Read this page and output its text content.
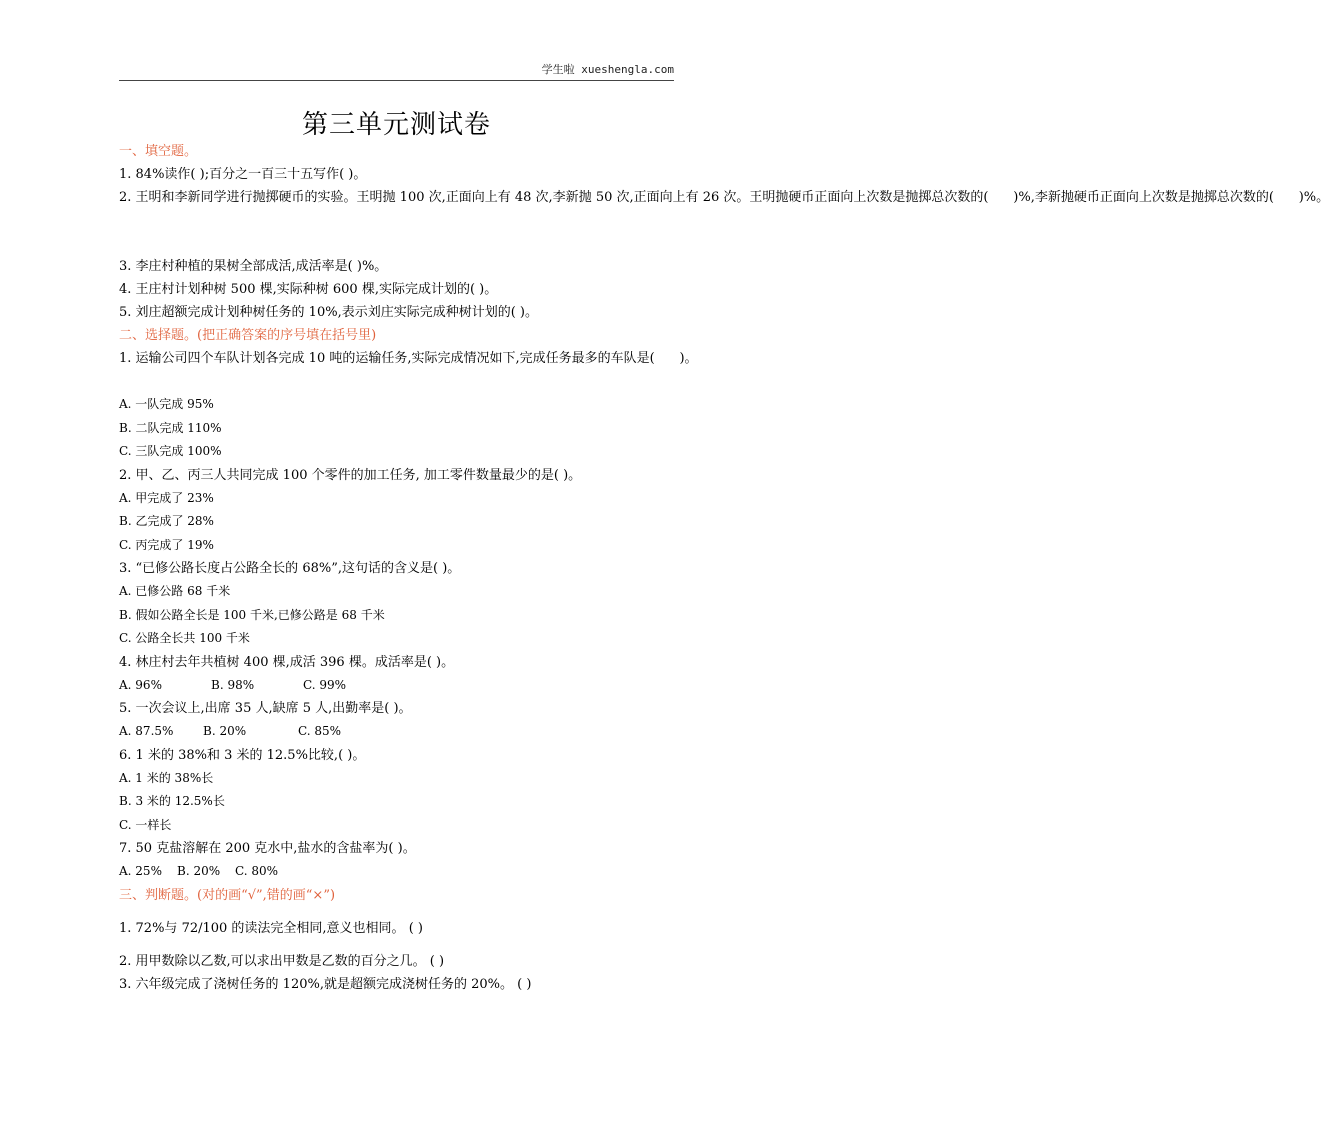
学生啦 xueshengla.com
第三单元测试卷
一、填空题。
1. 84%读作( );百分之一百三十五写作( )。
2. 王明和李新同学进行抛掷硬币的实验。王明抛 100 次,正面向上有 48 次,李新抛 50 次,正面向上有 26 次。王明抛硬币正面向上次数是抛掷总次数的(      )%,李新抛硬币正面向上次数是抛掷总次数的(      )%。
3. 李庄村种植的果树全部成活,成活率是( )%。
4. 王庄村计划种树 500 棵,实际种树 600 棵,实际完成计划的( )。
5. 刘庄超额完成计划种树任务的 10%,表示刘庄实际完成种树计划的( )。
二、选择题。(把正确答案的序号填在括号里)
1. 运输公司四个车队计划各完成 10 吨的运输任务,实际完成情况如下,完成任务最多的车队是(      )。
A. 一队完成 95%
B. 二队完成 110%
C. 三队完成 100%
2. 甲、乙、丙三人共同完成 100 个零件的加工任务, 加工零件数量最少的是( )。
A. 甲完成了 23%
B. 乙完成了 28%
C. 丙完成了 19%
3. “已修公路长度占公路全长的 68%”,这句话的含义是( )。
A. 已修公路 68 千米
B. 假如公路全长是 100 千米,已修公路是 68 千米
C. 公路全长共 100 千米
4. 林庄村去年共植树 400 棵,成活 396 棵。成活率是( )。
A. 96%	B. 98%	C. 99%
5. 一次会议上,出席 35 人,缺席 5 人,出勤率是( )。
A. 87.5%	B. 20%	C. 85%
6. 1 米的 38%和 3 米的 12.5%比较,( )。
A. 1 米的 38%长
B. 3 米的 12.5%长
C. 一样长
7. 50 克盐溶解在 200 克水中,盐水的含盐率为( )。
A. 25%	B. 20%	C. 80%
三、判断题。(对的画“√”,错的画“×”)
1. 72%与 72/100 的读法完全相同,意义也相同。 ( )
2. 用甲数除以乙数,可以求出甲数是乙数的百分之几。 ( )
3. 六年级完成了浇树任务的 120%,就是超额完成浇树任务的 20%。 ( )
